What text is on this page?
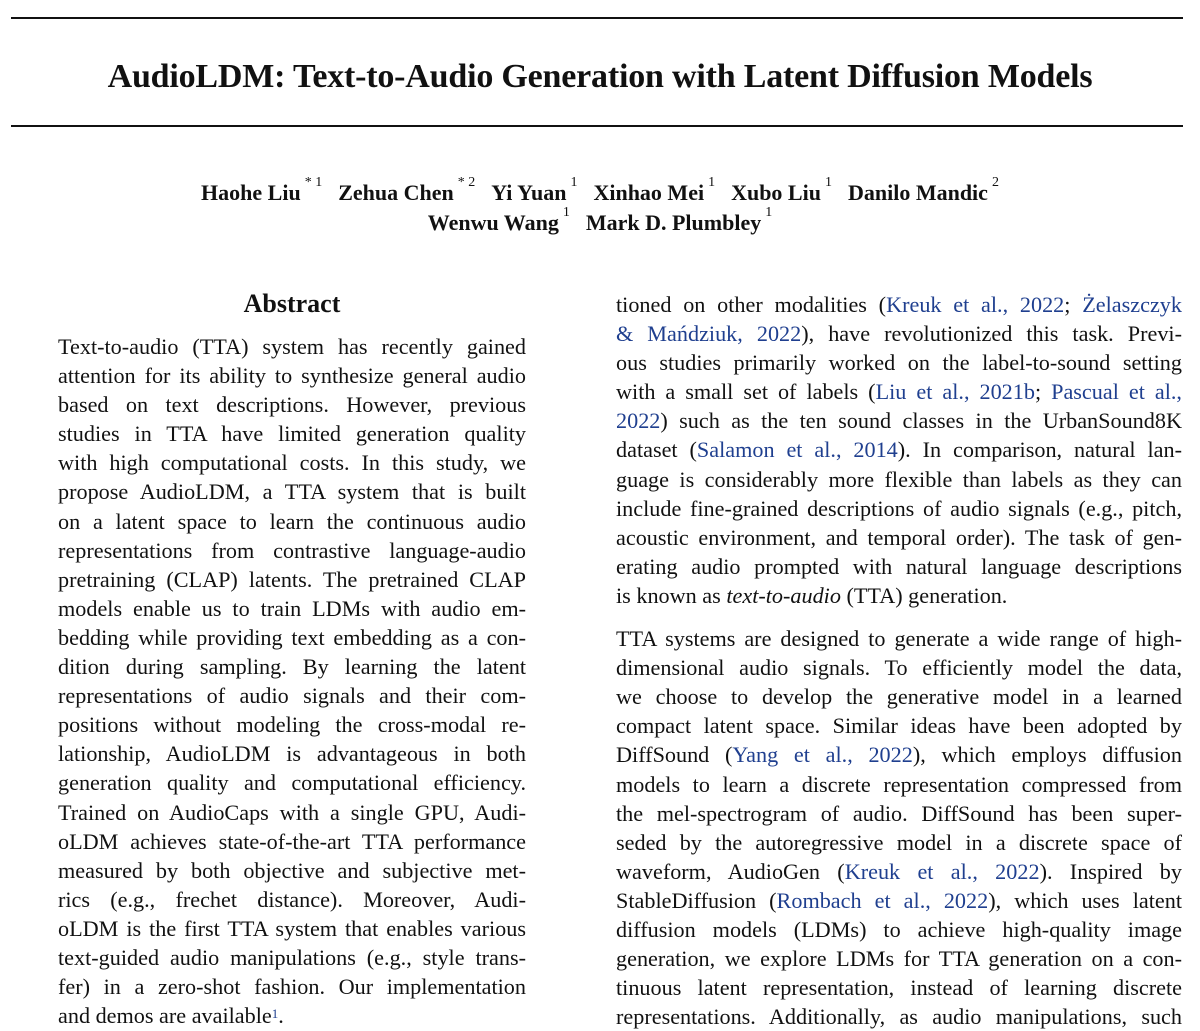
AudioLDM: Text-to-Audio Generation with Latent Diffusion Models
Haohe Liu $^{* 1}$ Zehua Chen $^{* 2}$ Yi Yuan $^1$ Xinhao Mei $^1$ Xubo Liu $^1$ Danilo Mandic $^2$
Wenwu Wang $^1$ Mark D. Plumbley $^1$
Abstract
Text-to-audio (TTA) system has recently gained
attention for its ability to synthesize general audio
based on text descriptions. However, previous
studies in TTA have limited generation quality
with high computational costs. In this study, we
propose AudioLDM, a TTA system that is built
on a latent space to learn the continuous audio
representations from contrastive language-audio
pretraining (CLAP) latents. The pretrained CLAP
models enable us to train LDMs with audio em-
bedding while providing text embedding as a con-
dition during sampling. By learning the latent
representations of audio signals and their com-
positions without modeling the cross-modal re-
lationship, AudioLDM is advantageous in both
generation quality and computational efficiency.
Trained on AudioCaps with a single GPU, Audi-
oLDM achieves state-of-the-art TTA performance
measured by both objective and subjective met-
rics (e.g., frechet distance). Moreover, Audi-
oLDM is the first TTA system that enables various
text-guided audio manipulations (e.g., style trans-
fer) in a zero-shot fashion. Our implementation
and demos are available$^1$.
tioned on other modalities (Kreuk et al., 2022; Żelaszczyk
& Mańdziuk, 2022), have revolutionized this task. Previ-
ous studies primarily worked on the label-to-sound setting
with a small set of labels (Liu et al., 2021b; Pascual et al.,
2022) such as the ten sound classes in the UrbanSound8K
dataset (Salamon et al., 2014). In comparison, natural lan-
guage is considerably more flexible than labels as they can
include fine-grained descriptions of audio signals (e.g., pitch,
acoustic environment, and temporal order). The task of gen-
erating audio prompted with natural language descriptions
is known as text-to-audio (TTA) generation.
TTA systems are designed to generate a wide range of high-
dimensional audio signals. To efficiently model the data,
we choose to develop the generative model in a learned
compact latent space. Similar ideas have been adopted by
DiffSound (Yang et al., 2022), which employs diffusion
models to learn a discrete representation compressed from
the mel-spectrogram of audio. DiffSound has been super-
seded by the autoregressive model in a discrete space of
waveform, AudioGen (Kreuk et al., 2022). Inspired by
StableDiffusion (Rombach et al., 2022), which uses latent
diffusion models (LDMs) to achieve high-quality image
generation, we explore LDMs for TTA generation on a con-
tinuous latent representation, instead of learning discrete
representations. Additionally, as audio manipulations, such
